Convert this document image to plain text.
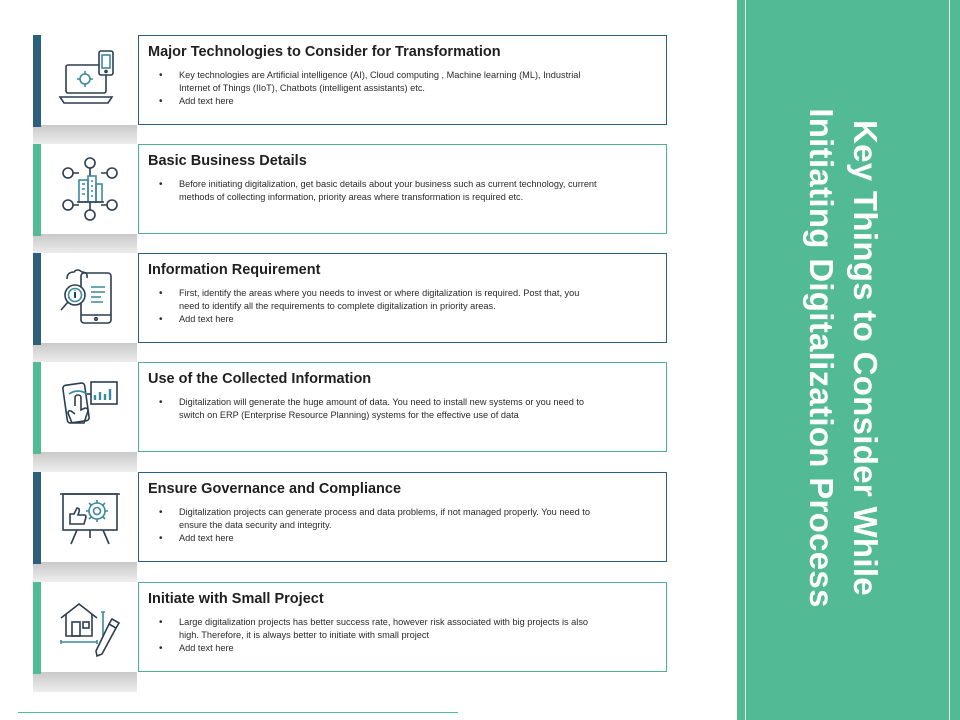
Major Technologies to Consider for Transformation
• Key technologies are Artificial intelligence (AI), Cloud computing , Machine learning (ML), Industrial Internet of Things (IIoT), Chatbots (intelligent assistants) etc.
• Add text here
Basic Business Details
• Before initiating digitalization, get basic details about your business such as current technology, current methods of collecting information, priority areas where transformation is required etc.
Information Requirement
• First, identify the areas where you needs to invest or where digitalization is required. Post that, you need to identify all the requirements to complete digitalization in priority areas.
• Add text here
Use of the Collected Information
• Digitalization will generate the huge amount of data. You need to install new systems or you need to switch on ERP (Enterprise Resource Planning) systems for the effective use of data
Ensure Governance and Compliance
• Digitalization projects can generate process and data problems, if not managed properly. You need to ensure the data security and integrity.
• Add text here
Initiate with Small Project
• Large digitalization projects has better success rate, however risk associated with big projects is also high. Therefore, it is always better to initiate with small project
• Add text here
Key Things to Consider While
Initiating Digitalization Process
